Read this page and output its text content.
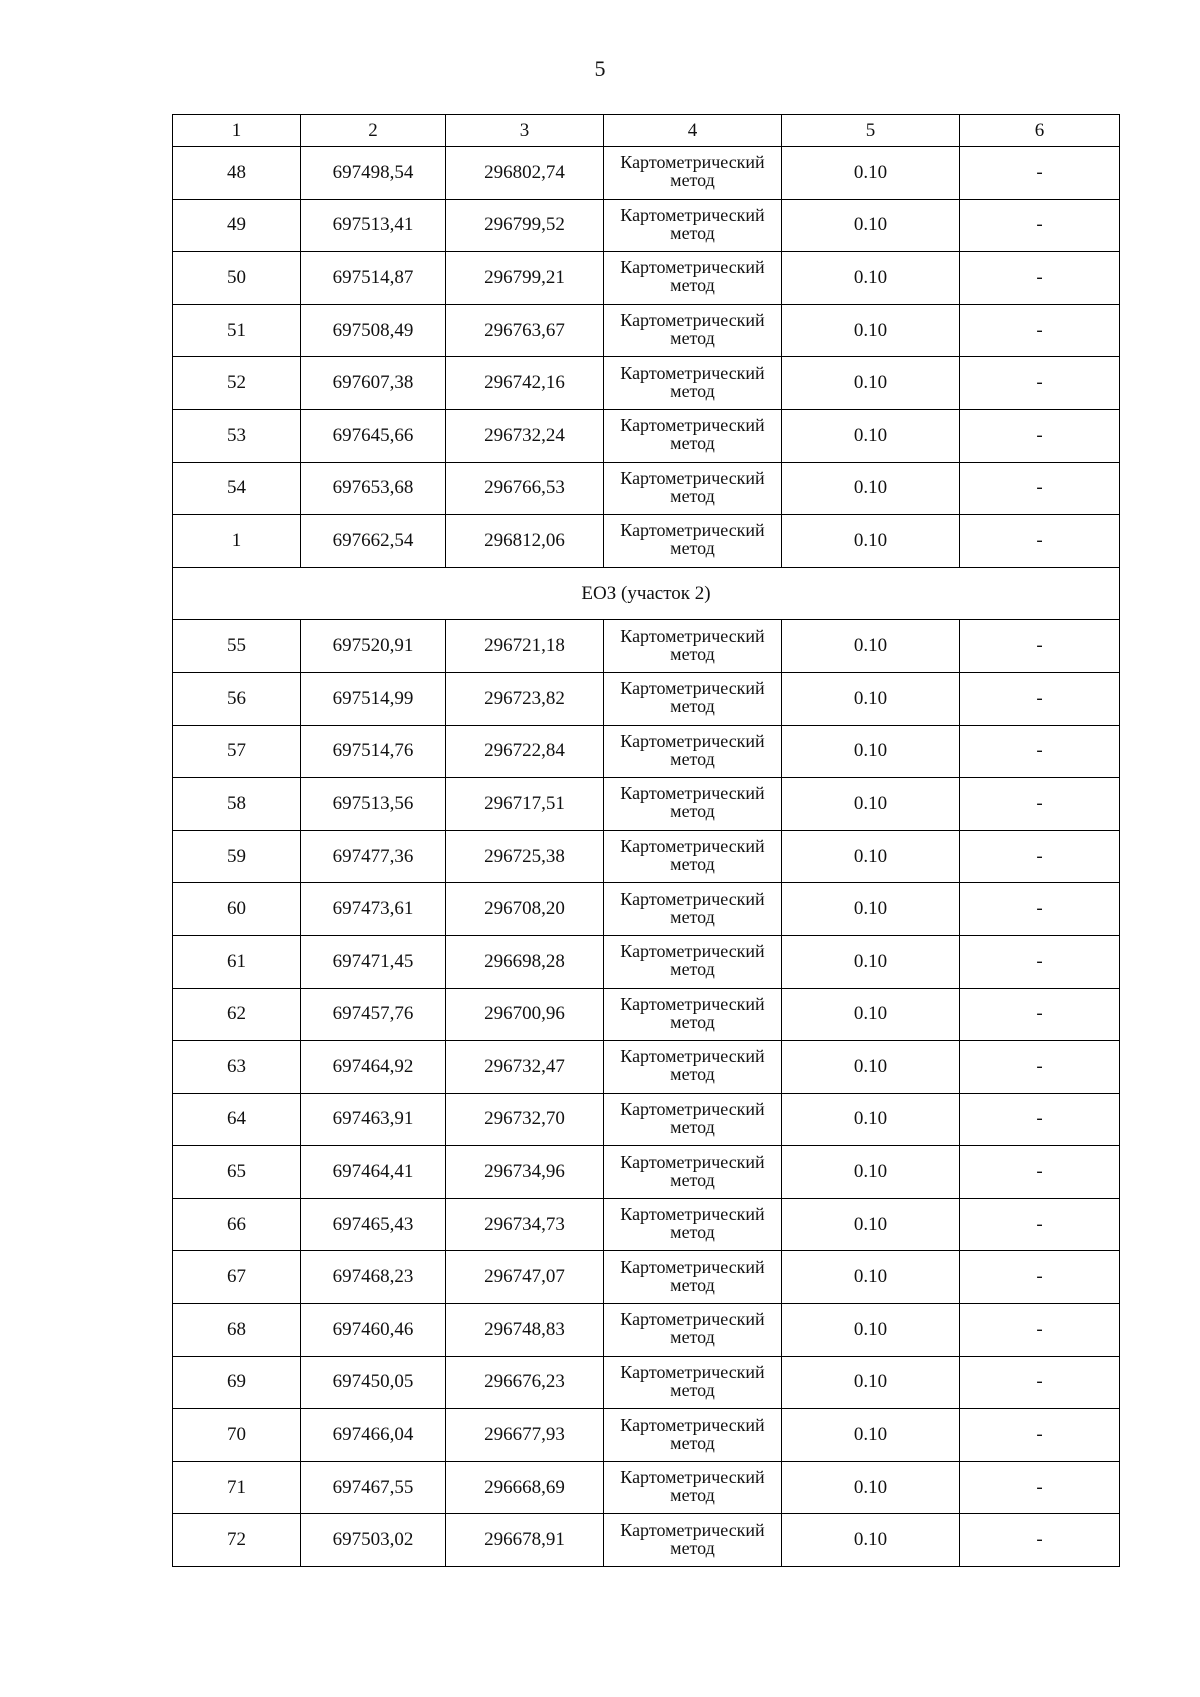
5
1	2	3	4	5	6
48	697498,54	296802,74	Картометрический метод	0.10	-
49	697513,41	296799,52	Картометрический метод	0.10	-
50	697514,87	296799,21	Картометрический метод	0.10	-
51	697508,49	296763,67	Картометрический метод	0.10	-
52	697607,38	296742,16	Картометрический метод	0.10	-
53	697645,66	296732,24	Картометрический метод	0.10	-
54	697653,68	296766,53	Картометрический метод	0.10	-
1	697662,54	296812,06	Картометрический метод	0.10	-
ЕОЗ (участок 2)					
55	697520,91	296721,18	Картометрический метод	0.10	-
56	697514,99	296723,82	Картометрический метод	0.10	-
57	697514,76	296722,84	Картометрический метод	0.10	-
58	697513,56	296717,51	Картометрический метод	0.10	-
59	697477,36	296725,38	Картометрический метод	0.10	-
60	697473,61	296708,20	Картометрический метод	0.10	-
61	697471,45	296698,28	Картометрический метод	0.10	-
62	697457,76	296700,96	Картометрический метод	0.10	-
63	697464,92	296732,47	Картометрический метод	0.10	-
64	697463,91	296732,70	Картометрический метод	0.10	-
65	697464,41	296734,96	Картометрический метод	0.10	-
66	697465,43	296734,73	Картометрический метод	0.10	-
67	697468,23	296747,07	Картометрический метод	0.10	-
68	697460,46	296748,83	Картометрический метод	0.10	-
69	697450,05	296676,23	Картометрический метод	0.10	-
70	697466,04	296677,93	Картометрический метод	0.10	-
71	697467,55	296668,69	Картометрический метод	0.10	-
72	697503,02	296678,91	Картометрический метод	0.10	-
